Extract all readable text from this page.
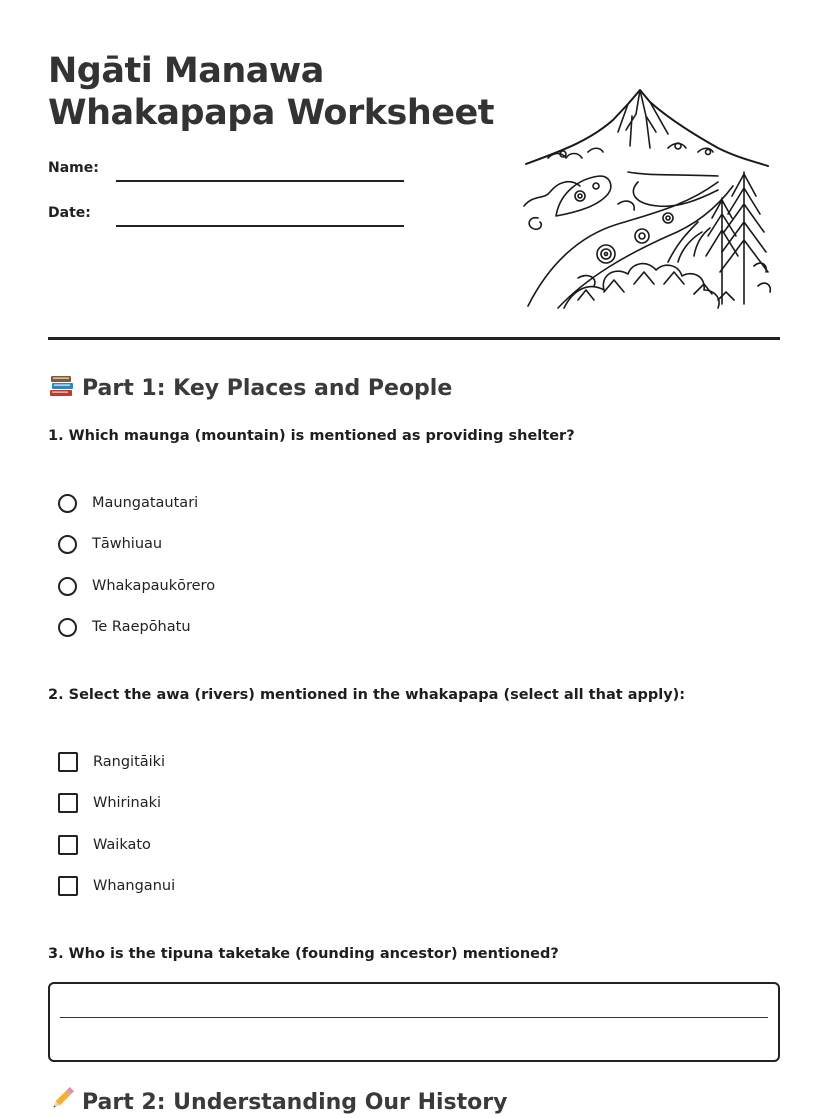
Ngāti Manawa
Whakapapa Worksheet
Name:
Date:
Part 1: Key Places and People
1. Which maunga (mountain) is mentioned as providing shelter?
Maungatautari
Tāwhiuau
Whakapaukōrero
Te Raepōhatu
2. Select the awa (rivers) mentioned in the whakapapa (select all that apply):
Rangitāiki
Whirinaki
Waikato
Whanganui
3. Who is the tipuna taketake (founding ancestor) mentioned?
Part 2: Understanding Our History
